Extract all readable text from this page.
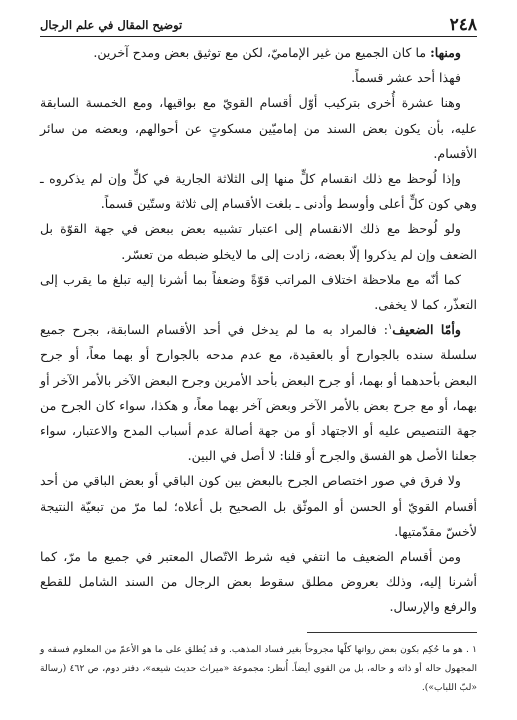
٢٤٨
توضيح المقال في علم الرجال

ومنها: ما كان الجميع من غير الإماميّ، لكن مع توثيق بعض ومدح آخرين.

فهذا أحد عشر قسماً.

وهنا عشرة أُخرى بتركيب أوّل أقسام القويّ مع بواقيها، ومع الخمسة السابقة عليه، بأن يكون بعض السند من إماميّين مسكوتٍ عن أحوالهم، وبعضه من سائر الأقسام.

وإذا لُوحظ مع ذلك انقسام كلٍّ منها إلى الثلاثة الجارية في كلٍّ وإن لم يذكروه ـ وهي كون كلٍّ أعلى وأوسط وأدنى ـ بلغت الأقسام إلى ثلاثة وستّين قسماً.

ولو لُوحظ مع ذلك الانقسام إلى اعتبار تشبيه بعض ببعض في جهة القوّة بل الضعف وإن لم يذكروا إلّا بعضه، زادت إلى ما لايخلو ضبطه من تعسّر.

كما أنّه مع ملاحظة اختلاف المراتب قوّةً وضعفاً بما أشرنا إليه تبلغ ما يقرب إلى التعذّر، كما لا يخفى.

وأمّا الضعيف$^١$: فالمراد به ما لم يدخل في أحد الأقسام السابقة، بجرح جميع سلسلة سنده بالجوارح أو بالعقيدة، مع عدم مدحه بالجوارح أو بهما معاً، أو جرح البعض بأحدهما أو بهما، أو جرح البعض بأحد الأمرين وجرح البعض الآخر بالأمر الآخر أو بهما، أو مع جرح بعض بالأمر الآخر وبعض آخر بهما معاً، و هكذا، سواء كان الجرح من جهة التنصيص عليه أو الاجتهاد أو من جهة أصالة عدم أسباب المدح والاعتبار، سواء جعلنا الأصل هو الفسق والجرح أو قلنا: لا أصل في البين.

ولا فرق في صور اختصاص الجرح بالبعض بين كون الباقي أو بعض الباقي من أحد أقسام القويّ أو الحسن أو الموثّق بل الصحيح بل أعلاه؛ لما مرّ من تبعيّة النتيجة لأخسّ مقدّمتيها.

ومن أقسام الضعيف ما انتفي فيه شرط الاتّصال المعتبر في جميع ما مرّ، كما أشرنا إليه، وذلك بعروض مطلق سقوط بعض الرجال من السند الشامل للقطع والرفع والإرسال.

١ . هو ما حُكِم بكون بعض رواتها كلّها مجروحاً بغير فساد المذهب. و قد يُطلق على ما هو الأعمّ من المعلوم فسقه و المجهول حاله أو ذاته و حاله، بل من القوي أيضاً. أُنظر: مجموعة «ميراث حديث شيعه»، دفتر دوم، ص ٤٦٢ (رسالة «لبّ اللباب»).
